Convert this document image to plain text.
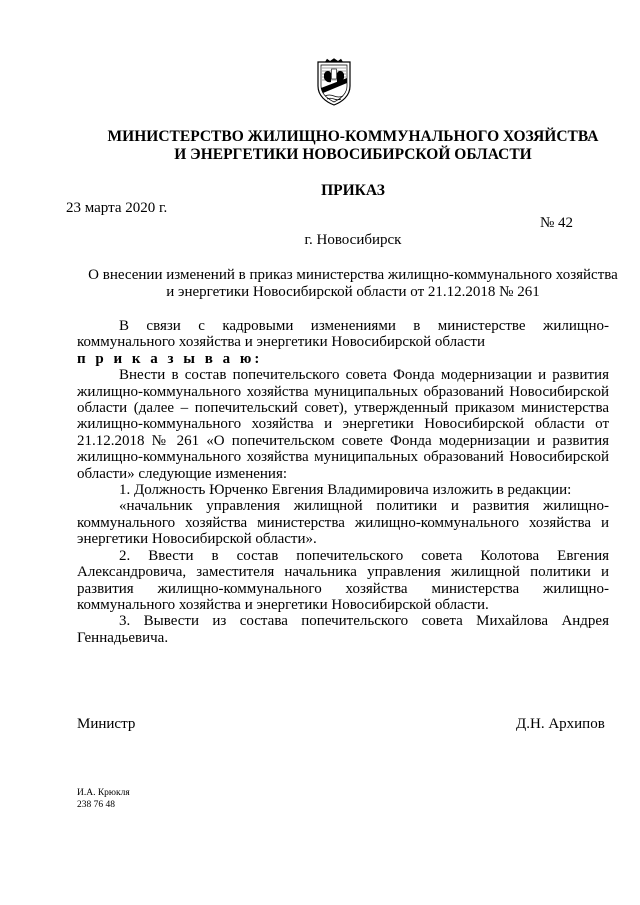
МИНИСТЕРСТВО ЖИЛИЩНО-КОММУНАЛЬНОГО ХОЗЯЙСТВА
И ЭНЕРГЕТИКИ НОВОСИБИРСКОЙ ОБЛАСТИ
ПРИКАЗ
23 марта 2020 г.
№ 42
г. Новосибирск
О внесении изменений в приказ министерства жилищно-коммунального хозяйства
и энергетики Новосибирской области от 21.12.2018 № 261

В связи с кадровыми изменениями в министерстве жилищно-коммунального хозяйства и энергетики Новосибирской области

п р и к а з ы в а ю:

Внести в состав попечительского совета Фонда модернизации и развития жилищно-коммунального хозяйства муниципальных образований Новосибирской области (далее – попечительский совет), утвержденный приказом министерства жилищно-коммунального хозяйства и энергетики Новосибирской области от 21.12.2018 № 261 «О попечительском совете Фонда модернизации и развития жилищно-коммунального хозяйства муниципальных образований Новосибирской области» следующие изменения:

1. Должность Юрченко Евгения Владимировича изложить в редакции:

«начальник управления жилищной политики и развития жилищно-коммунального хозяйства министерства жилищно-коммунального хозяйства и энергетики Новосибирской области».

2. Ввести в состав попечительского совета Колотова Евгения Александровича, заместителя начальника управления жилищной политики и развития жилищно-коммунального хозяйства министерства жилищно-коммунального хозяйства и энергетики Новосибирской области.

3. Вывести из состава попечительского совета Михайлова Андрея Геннадьевича.

Министр	Д.Н. Архипов
И.А. Крюкля
238 76 48
